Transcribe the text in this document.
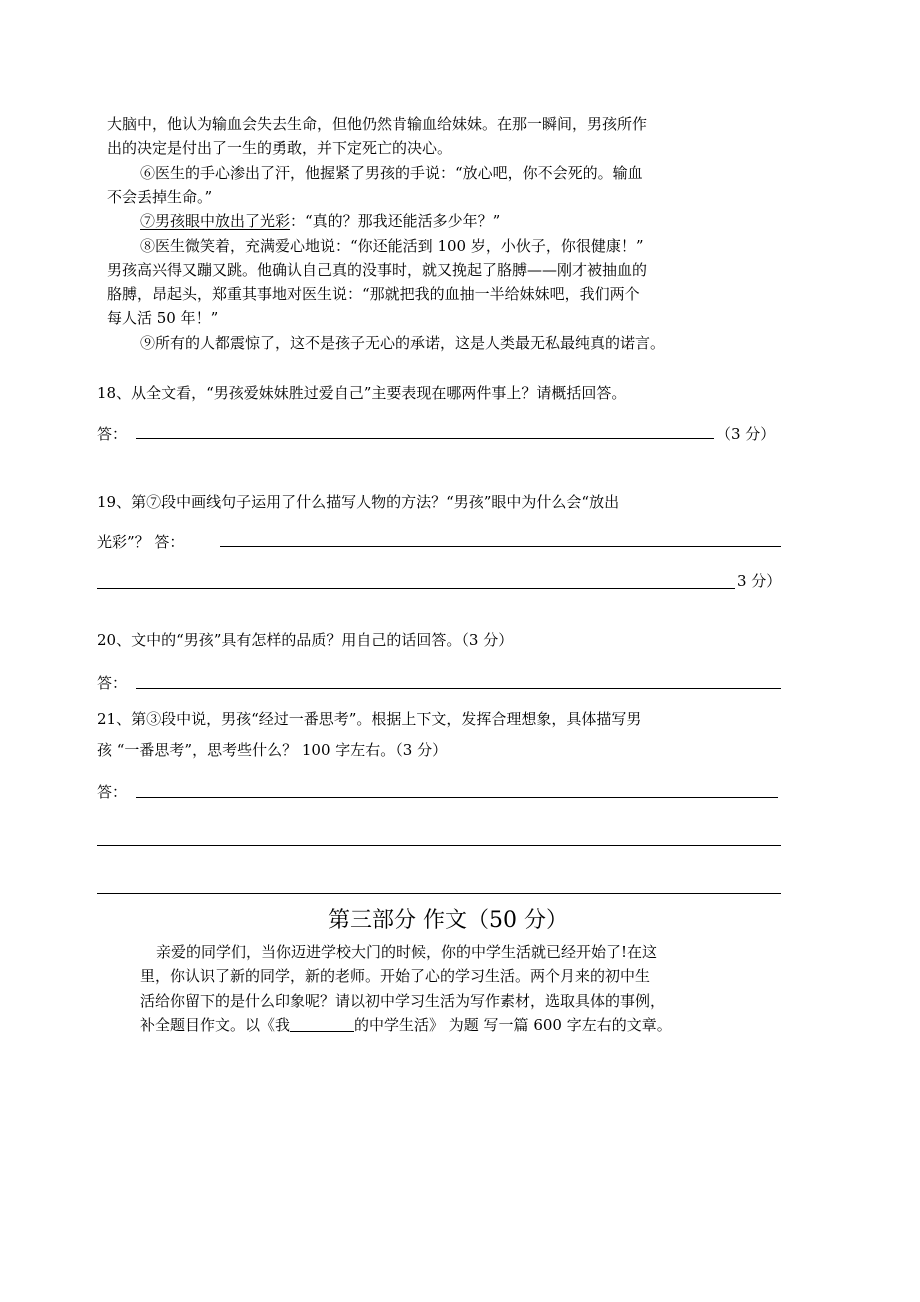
大脑中，他认为输血会失去生命，但他仍然肯输血给妹妹。在那一瞬间，男孩所作
出的决定是付出了一生的勇敢，并下定死亡的决心。
⑥医生的手心渗出了汗，他握紧了男孩的手说：“放心吧，你不会死的。输血
不会丢掉生命。”
⑦男孩眼中放出了光彩：“真的？那我还能活多少年？”
⑧医生微笑着，充满爱心地说：“你还能活到 100 岁，小伙子，你很健康！”
男孩高兴得又蹦又跳。他确认自己真的没事时，就又挽起了胳膊——刚才被抽血的
胳膊，昂起头，郑重其事地对医生说：“那就把我的血抽一半给妹妹吧，我们两个
每人活 50 年！”
⑨所有的人都震惊了，这不是孩子无心的承诺，这是人类最无私最纯真的诺言。
18、从全文看，“男孩爱妹妹胜过爱自己”主要表现在哪两件事上？请概括回答。
答：	（3 分）
19、第⑦段中画线句子运用了什么描写人物的方法？“男孩”眼中为什么会“放出
光彩”？ 答：
3 分）
20、文中的“男孩”具有怎样的品质？用自己的话回答。（3 分）
答：
21、第③段中说，男孩“经过一番思考”。根据上下文，发挥合理想象，具体描写男
孩 “一番思考”，思考些什么？ 100 字左右。（3 分）
答：
第三部分 作文（50 分）
亲爱的同学们，当你迈进学校大门的时候，你的中学生活就已经开始了!在这
里，你认识了新的同学，新的老师。开始了心的学习生活。两个月来的初中生
活给你留下的是什么印象呢？请以初中学习生活为写作素材，选取具体的事例，
补全题目作文。以《我	的中学生活》 为题 写一篇 600 字左右的文章。
